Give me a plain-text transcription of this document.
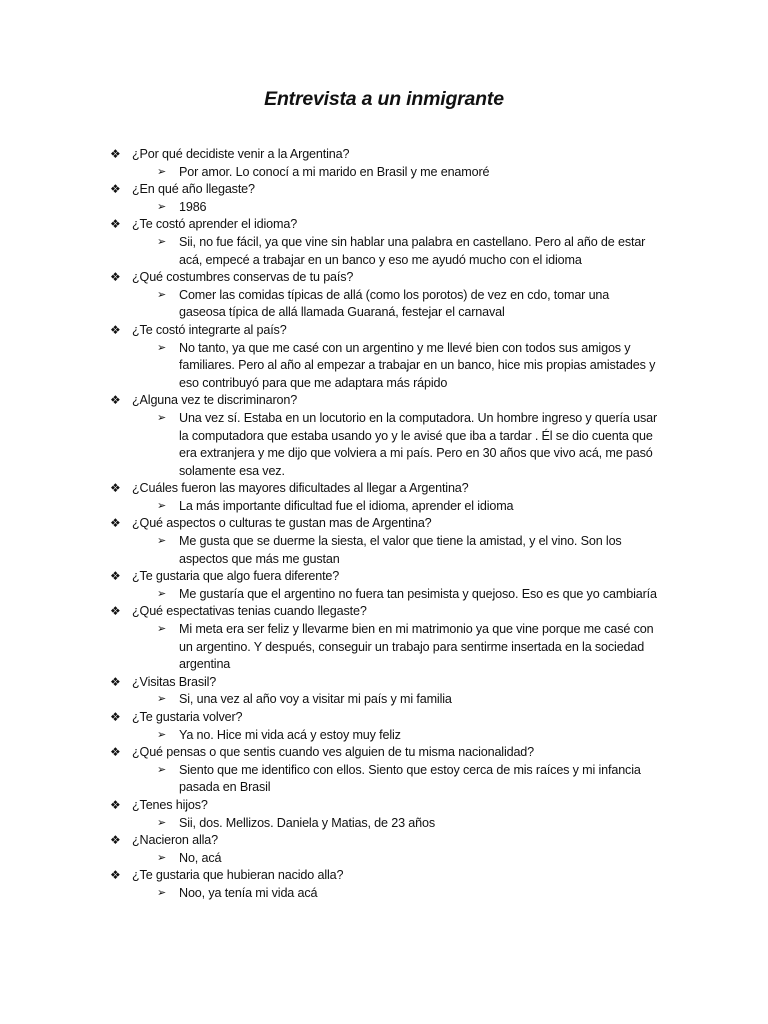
Entrevista a un inmigrante
❖ ¿Por qué decidiste venir a la Argentina?
➢	Por amor. Lo conocí a mi marido en Brasil y me enamoré
❖ ¿En qué año llegaste?
➢	1986
❖ ¿Te costó aprender el idioma?
➢	Sii, no fue fácil, ya que vine sin hablar una palabra en castellano. Pero al año de estar acá, empecé a trabajar en un banco y eso me ayudó mucho con el idioma
❖ ¿Qué costumbres conservas de tu país?
➢	Comer las comidas típicas de allá (como los porotos) de vez en cdo, tomar una gaseosa típica de allá llamada Guaraná, festejar el carnaval
❖ ¿Te costó integrarte al país?
➢	No tanto, ya que me casé con un argentino y me llevé bien con todos sus amigos y familiares. Pero al año al empezar a trabajar en un banco, hice mis propias amistades y eso contribuyó para que me adaptara más rápido
❖ ¿Alguna vez te discriminaron?
➢	Una vez sí. Estaba en un locutorio en la computadora. Un hombre ingreso y quería usar la computadora que estaba usando yo y le avisé que iba a tardar . Él se dio cuenta que era extranjera y me dijo que volviera a mi país. Pero en 30 años que vivo acá, me pasó solamente esa vez.
❖ ¿Cuáles fueron las mayores dificultades al llegar a Argentina?
➢	La más importante dificultad fue el idioma, aprender el idioma
❖ ¿Qué aspectos o culturas te gustan mas de Argentina?
➢	Me gusta que se duerme la siesta, el valor que tiene la amistad, y el vino. Son los aspectos que más me gustan
❖ ¿Te gustaria que algo fuera diferente?
➢	Me gustaría que el argentino no fuera tan pesimista y quejoso. Eso es que yo cambiaría
❖ ¿Qué espectativas tenias cuando llegaste?
➢	Mi meta era ser feliz y llevarme bien en mi matrimonio ya que vine porque me casé con un argentino. Y después, conseguir un trabajo para sentirme insertada en la sociedad argentina
❖ ¿Visitas Brasil?
➢	Si, una vez al año voy a visitar mi país y mi familia
❖ ¿Te gustaria volver?
➢	Ya no. Hice mi vida acá y estoy muy feliz
❖ ¿Qué pensas o que sentis cuando ves alguien de tu misma nacionalidad?
➢	Siento que me identifico con ellos. Siento que estoy cerca de mis raíces y mi infancia pasada en Brasil
❖ ¿Tenes hijos?
➢	Sii, dos. Mellizos. Daniela y Matias, de 23 años
❖ ¿Nacieron alla?
➢	No, acá
❖ ¿Te gustaria que hubieran nacido alla?
➢	Noo, ya tenía mi vida acá
